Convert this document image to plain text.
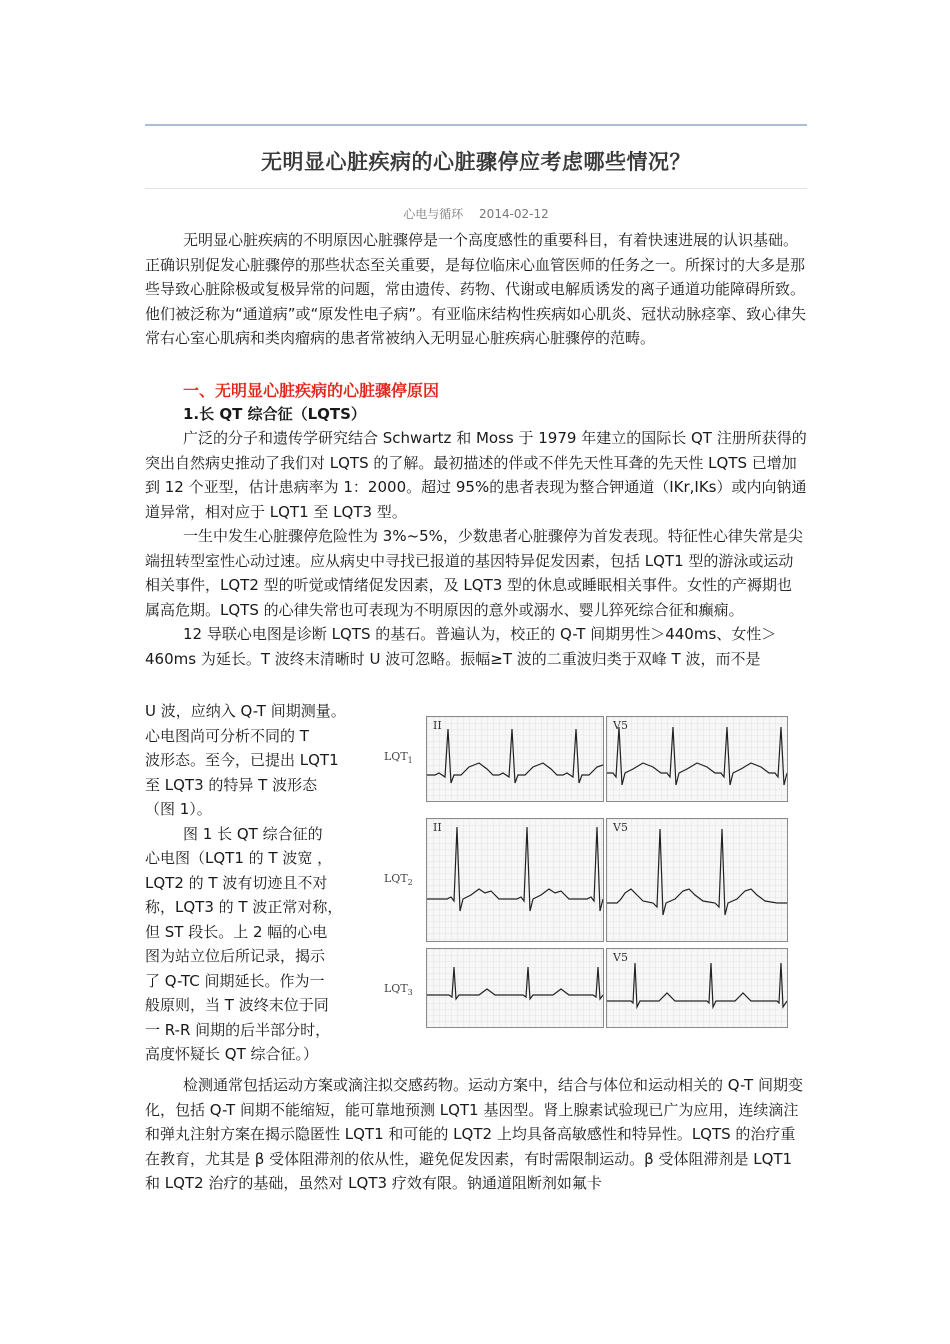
无明显心脏疾病的心脏骤停应考虑哪些情况？
心电与循环 2014-02-12

无明显心脏疾病的不明原因心脏骤停是一个高度感性的重要科目，有着快速进展的认识基础。正确识别促发心脏骤停的那些状态至关重要，是每位临床心血管医师的任务之一。所探讨的大多是那些导致心脏除极或复极异常的问题，常由遗传、药物、代谢或电解质诱发的离子通道功能障碍所致。他们被泛称为“通道病”或“原发性电子病”。有亚临床结构性疾病如心肌炎、冠状动脉痉挛、致心律失常右心室心肌病和类肉瘤病的患者常被纳入无明显心脏疾病心脏骤停的范畴。

一、无明显心脏疾病的心脏骤停原因
1.长 QT 综合征（LQTS）

广泛的分子和遗传学研究结合 Schwartz 和 Moss 于 1979 年建立的国际长 QT 注册所获得的突出自然病史推动了我们对 LQTS 的了解。最初描述的伴或不伴先天性耳聋的先天性 LQTS 已增加到 12 个亚型，估计患病率为 1：2000。超过 95%的患者表现为整合钾通道（IKr,IKs）或内向钠通道异常，相对应于 LQT1 至 LQT3 型。

一生中发生心脏骤停危险性为 3%~5%，少数患者心脏骤停为首发表现。特征性心律失常是尖端扭转型室性心动过速。应从病史中寻找已报道的基因特异促发因素，包括 LQT1 型的游泳或运动相关事件，LQT2 型的听觉或情绪促发因素，及 LQT3 型的休息或睡眠相关事件。女性的产褥期也属高危期。LQTS 的心律失常也可表现为不明原因的意外或溺水、婴儿猝死综合征和癫痫。

12 导联心电图是诊断 LQTS 的基石。普遍认为，校正的 Q-T 间期男性＞440ms、女性＞460ms 为延长。T 波终末清晰时 U 波可忽略。振幅≥T 波的二重波归类于双峰 T 波，而不是

U 波，应纳入 Q-T 间期测量。

心电图尚可分析不同的 T

波形态。至今，已提出 LQT1

至 LQT3 的特异 T 波形态

（图 1）。

图 1 长 QT 综合征的

心电图（LQT1 的 T 波宽 ，

LQT2 的 T 波有切迹且不对

称，LQT3 的 T 波正常对称，

但 ST 段长。上 2 幅的心电

图为站立位后所记录，揭示

了 Q-TC 间期延长。作为一

般原则，当 T 波终末位于同

一 R-R 间期的后半部分时，

高度怀疑长 QT 综合征。）

$LQT_1$
$LQT_2$
$LQT_3$
II	V5
II	V5
V5

检测通常包括运动方案或滴注拟交感药物。运动方案中，结合与体位和运动相关的 Q-T 间期变化，包括 Q-T 间期不能缩短，能可靠地预测 LQT1 基因型。肾上腺素试验现已广为应用，连续滴注和弹丸注射方案在揭示隐匿性 LQT1 和可能的 LQT2 上均具备高敏感性和特异性。LQTS 的治疗重在教育，尤其是 β 受体阻滞剂的依从性，避免促发因素，有时需限制运动。β 受体阻滞剂是 LQT1 和 LQT2 治疗的基础，虽然对 LQT3 疗效有限。钠通道阻断剂如氟卡
